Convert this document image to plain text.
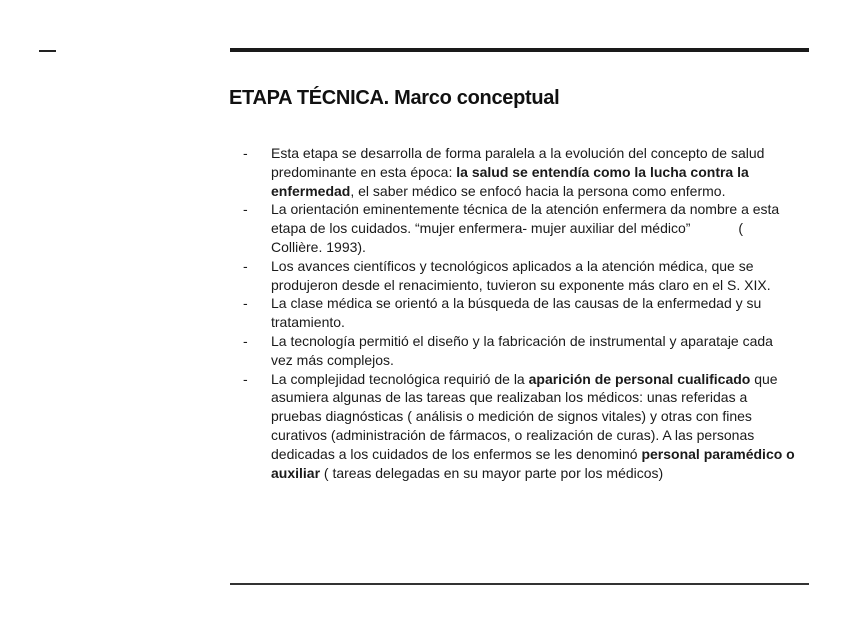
ETAPA TÉCNICA. Marco conceptual
- Esta etapa se desarrolla de forma paralela a la evolución del concepto de salud predominante en esta época: la salud se entendía como la lucha contra la enfermedad, el saber médico se enfocó hacia la persona como enfermo.
- La orientación eminentemente técnica de la atención enfermera da nombre a esta etapa de los cuidados. “mujer enfermera- mujer auxiliar del médico”	( Collière. 1993).
- Los avances científicos y tecnológicos aplicados a la atención médica, que se produjeron desde el renacimiento, tuvieron su exponente más claro en el S. XIX.
- La clase médica se orientó a la búsqueda de las causas de la enfermedad y su tratamiento.
- La tecnología permitió el diseño y la fabricación de instrumental y aparataje cada vez más complejos.
- La complejidad tecnológica requirió de la aparición de personal cualificado que asumiera algunas de las tareas que realizaban los médicos: unas referidas a pruebas diagnósticas ( análisis o medición de signos vitales) y otras con fines curativos (administración de fármacos, o realización de curas). A las personas dedicadas a los cuidados de los enfermos se les denominó personal paramédico o auxiliar ( tareas delegadas en su mayor parte por los médicos)
